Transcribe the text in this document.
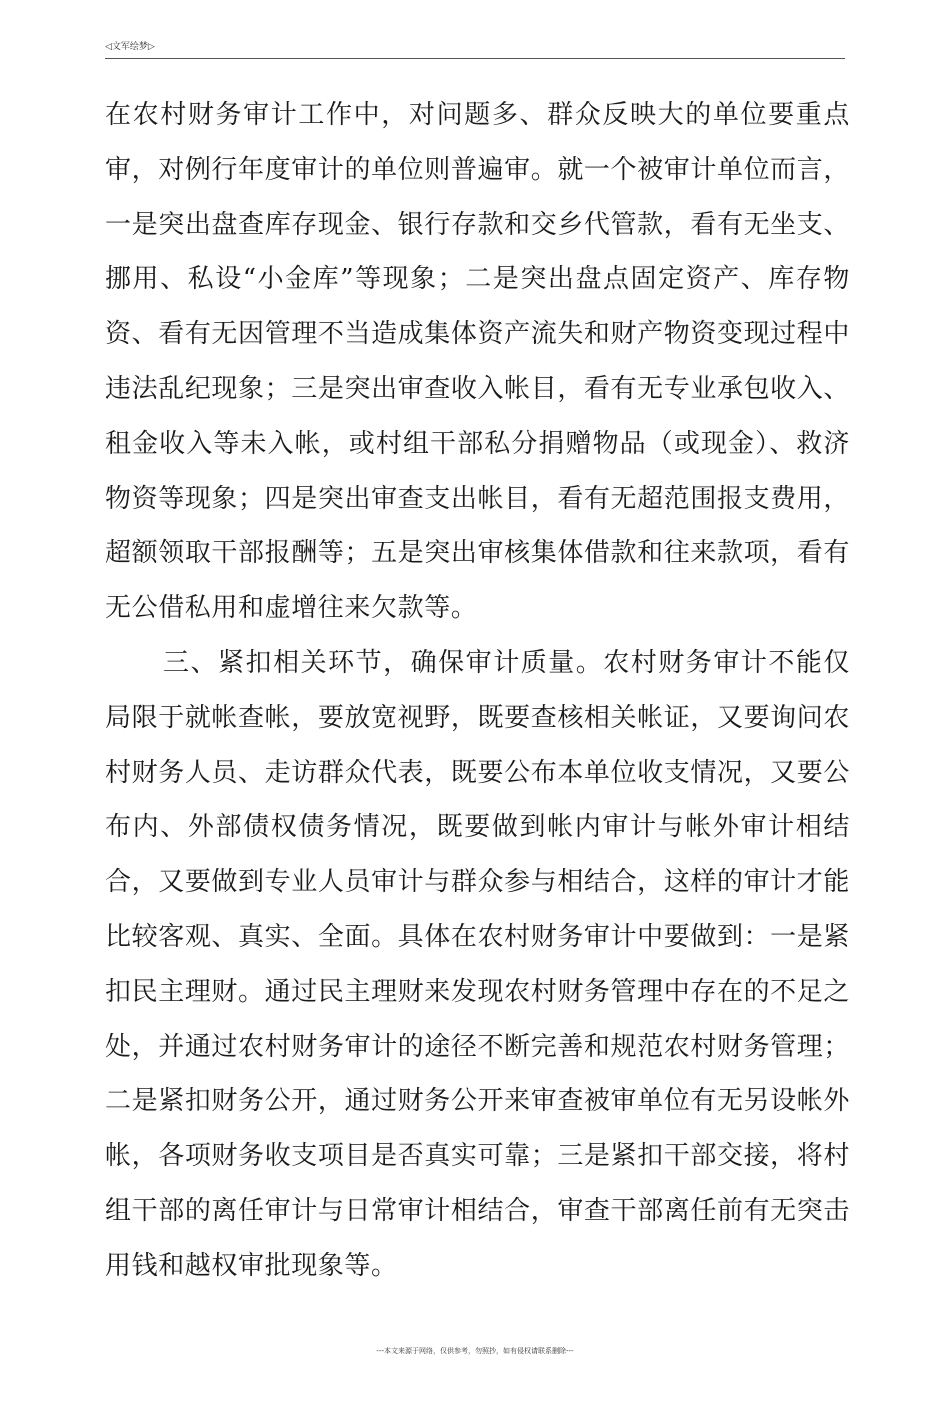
◁文军绘梦▷

在农村财务审计工作中，对问题多、群众反映大的单位要重点审，对例行年度审计的单位则普遍审。就一个被审计单位而言，一是突出盘查库存现金、银行存款和交乡代管款，看有无坐支、挪用、私设“小金库”等现象；二是突出盘点固定资产、库存物资、看有无因管理不当造成集体资产流失和财产物资变现过程中违法乱纪现象；三是突出审查收入帐目，看有无专业承包收入、租金收入等未入帐，或村组干部私分捐赠物品（或现金）、救济物资等现象；四是突出审查支出帐目，看有无超范围报支费用，超额领取干部报酬等；五是突出审核集体借款和往来款项，看有无公借私用和虚增往来欠款等。

三、紧扣相关环节，确保审计质量。农村财务审计不能仅局限于就帐查帐，要放宽视野，既要查核相关帐证，又要询问农村财务人员、走访群众代表，既要公布本单位收支情况，又要公布内、外部债权债务情况，既要做到帐内审计与帐外审计相结合，又要做到专业人员审计与群众参与相结合，这样的审计才能比较客观、真实、全面。具体在农村财务审计中要做到：一是紧扣民主理财。通过民主理财来发现农村财务管理中存在的不足之处，并通过农村财务审计的途径不断完善和规范农村财务管理；二是紧扣财务公开，通过财务公开来审查被审单位有无另设帐外帐，各项财务收支项目是否真实可靠；三是紧扣干部交接，将村组干部的离任审计与日常审计相结合，审查干部离任前有无突击用钱和越权审批现象等。

---本文来源于网络，仅供参考，勿照抄，如有侵权请联系删除---
